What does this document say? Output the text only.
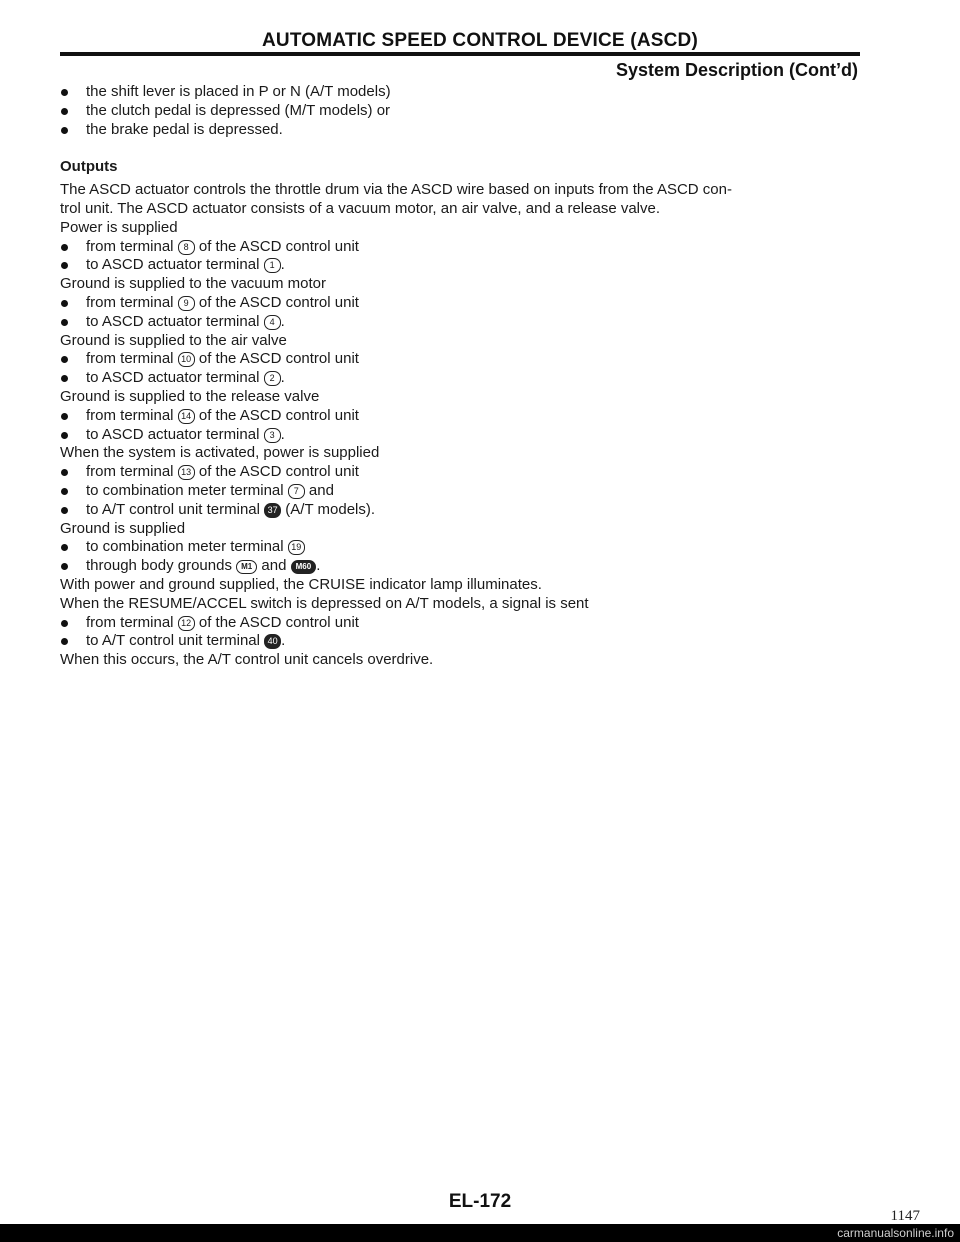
AUTOMATIC SPEED CONTROL DEVICE (ASCD)
System Description (Cont’d)
the shift lever is placed in P or N (A/T models)
the clutch pedal is depressed (M/T models) or
the brake pedal is depressed.
Outputs
The ASCD actuator controls the throttle drum via the ASCD wire based on inputs from the ASCD con-
trol unit. The ASCD actuator consists of a vacuum motor, an air valve, and a release valve.
Power is supplied
from terminal 8 of the ASCD control unit
to ASCD actuator terminal 1 .
Ground is supplied to the vacuum motor
from terminal 9 of the ASCD control unit
to ASCD actuator terminal 4 .
Ground is supplied to the air valve
from terminal 10 of the ASCD control unit
to ASCD actuator terminal 2 .
Ground is supplied to the release valve
from terminal 14 of the ASCD control unit
to ASCD actuator terminal 3 .
When the system is activated, power is supplied
from terminal 13 of the ASCD control unit
to combination meter terminal 7 and
to A/T control unit terminal 37 (A/T models).
Ground is supplied
to combination meter terminal 19
through body grounds M1 and M60 .
With power and ground supplied, the CRUISE indicator lamp illuminates.
When the RESUME/ACCEL switch is depressed on A/T models, a signal is sent
from terminal 12 of the ASCD control unit
to A/T control unit terminal 40 .
When this occurs, the A/T control unit cancels overdrive.
EL-172
1147
carmanualsonline.info
